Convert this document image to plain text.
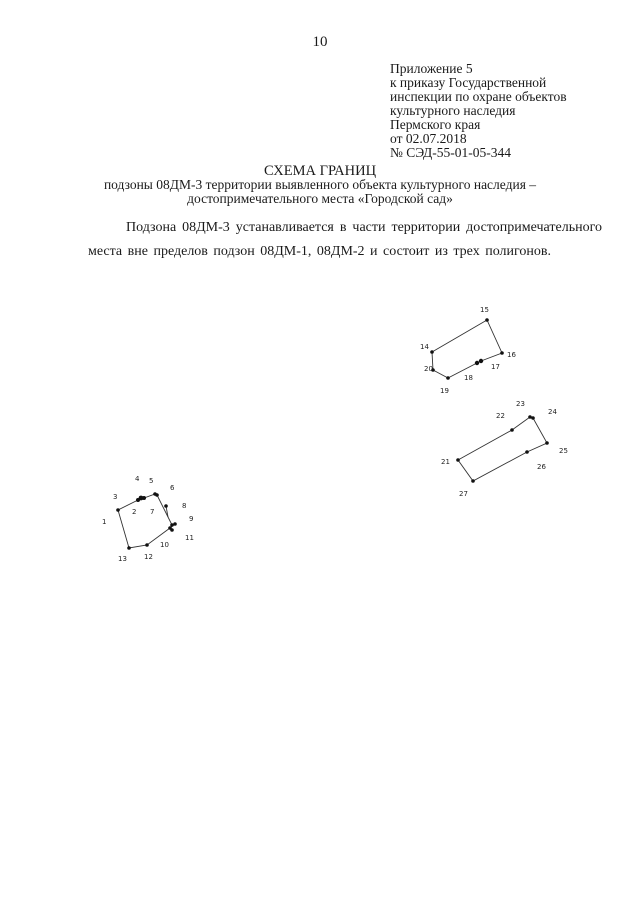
10
Приложение 5
к приказу Государственной
инспекции по охране объектов
культурного наследия
Пермского края
от 02.07.2018
№ СЭД-55-01-05-344
СХЕМА ГРАНИЦ
подзоны 08ДМ-3 территории выявленного объекта культурного наследия –
достопримечательного места «Городской сад»

Подзона 08ДМ-3 устанавливается в части территории достопримечательного места вне пределов подзон 08ДМ-1, 08ДМ-2 и состоит из трех полигонов.

14
15
16
17
18
19
20
21
22
23
24
25
26
27
1
2
3
4 5
6
7
8
9
10
11
12
13
